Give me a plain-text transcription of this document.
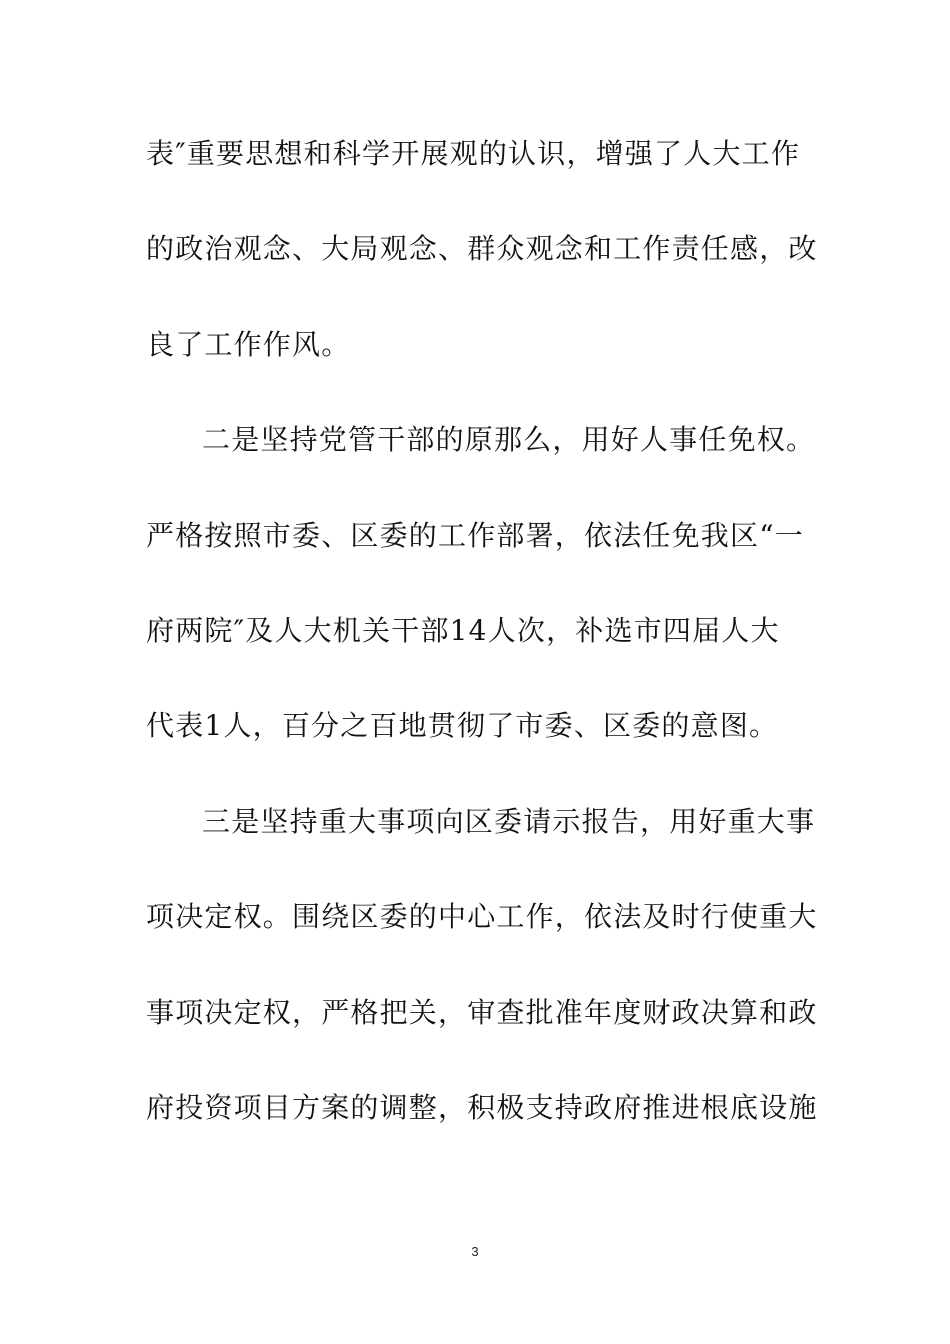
表″重要思想和科学开展观的认识，增强了人大工作
的政治观念、大局观念、群众观念和工作责任感，改
良了工作作风。
二是坚持党管干部的原那么，用好人事任免权。
严格按照市委、区委的工作部署，依法任免我区“一
府两院″及人大机关干部14人次，补选市四届人大
代表1人，百分之百地贯彻了市委、区委的意图。
三是坚持重大事项向区委请示报告，用好重大事
项决定权。围绕区委的中心工作，依法及时行使重大
事项决定权，严格把关，审查批准年度财政决算和政
府投资项目方案的调整，积极支持政府推进根底设施
3
